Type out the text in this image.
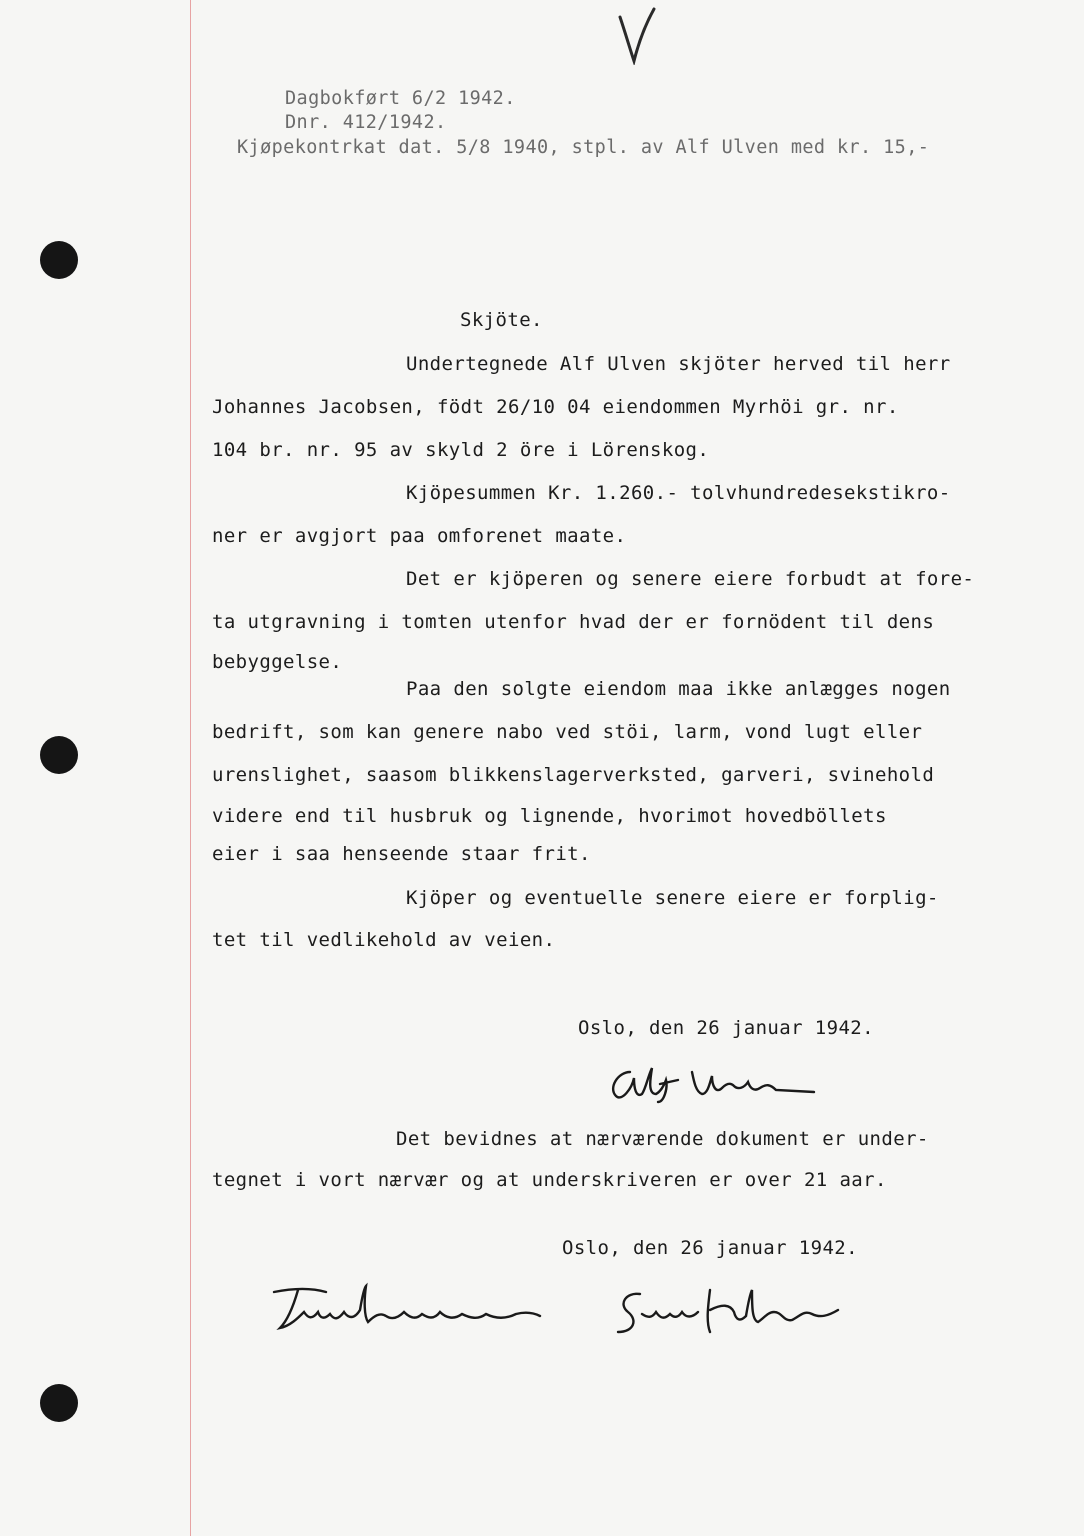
Dagbokført 6/2 1942.
Dnr. 412/1942.
Kjøpekontrkat dat. 5/8 1940, stpl. av Alf Ulven med kr. 15,-
Skjöte.
Undertegnede Alf Ulven skjöter herved til herr
Johannes Jacobsen, födt 26/10 04 eiendommen Myrhöi gr. nr.
104 br. nr. 95 av skyld 2 öre i Lörenskog.
Kjöpesummen Kr. 1.260.- tolvhundredesekstikro-
ner er avgjort paa omforenet maate.
Det er kjöperen og senere eiere forbudt at fore-
ta utgravning i tomten utenfor hvad der er fornödent til dens
bebyggelse.
Paa den solgte eiendom maa ikke anlægges nogen
bedrift, som kan genere nabo ved stöi, larm, vond lugt eller
urenslighet, saasom blikkenslagerverksted, garveri, svinehold
videre end til husbruk og lignende, hvorimot hovedböllets
eier i saa henseende staar frit.
Kjöper og eventuelle senere eiere er forplig-
tet til vedlikehold av veien.
Oslo, den 26 januar 1942.
Det bevidnes at nærværende dokument er under-
tegnet i vort nærvær og at underskriveren er over 21 aar.
Oslo, den 26 januar 1942.
